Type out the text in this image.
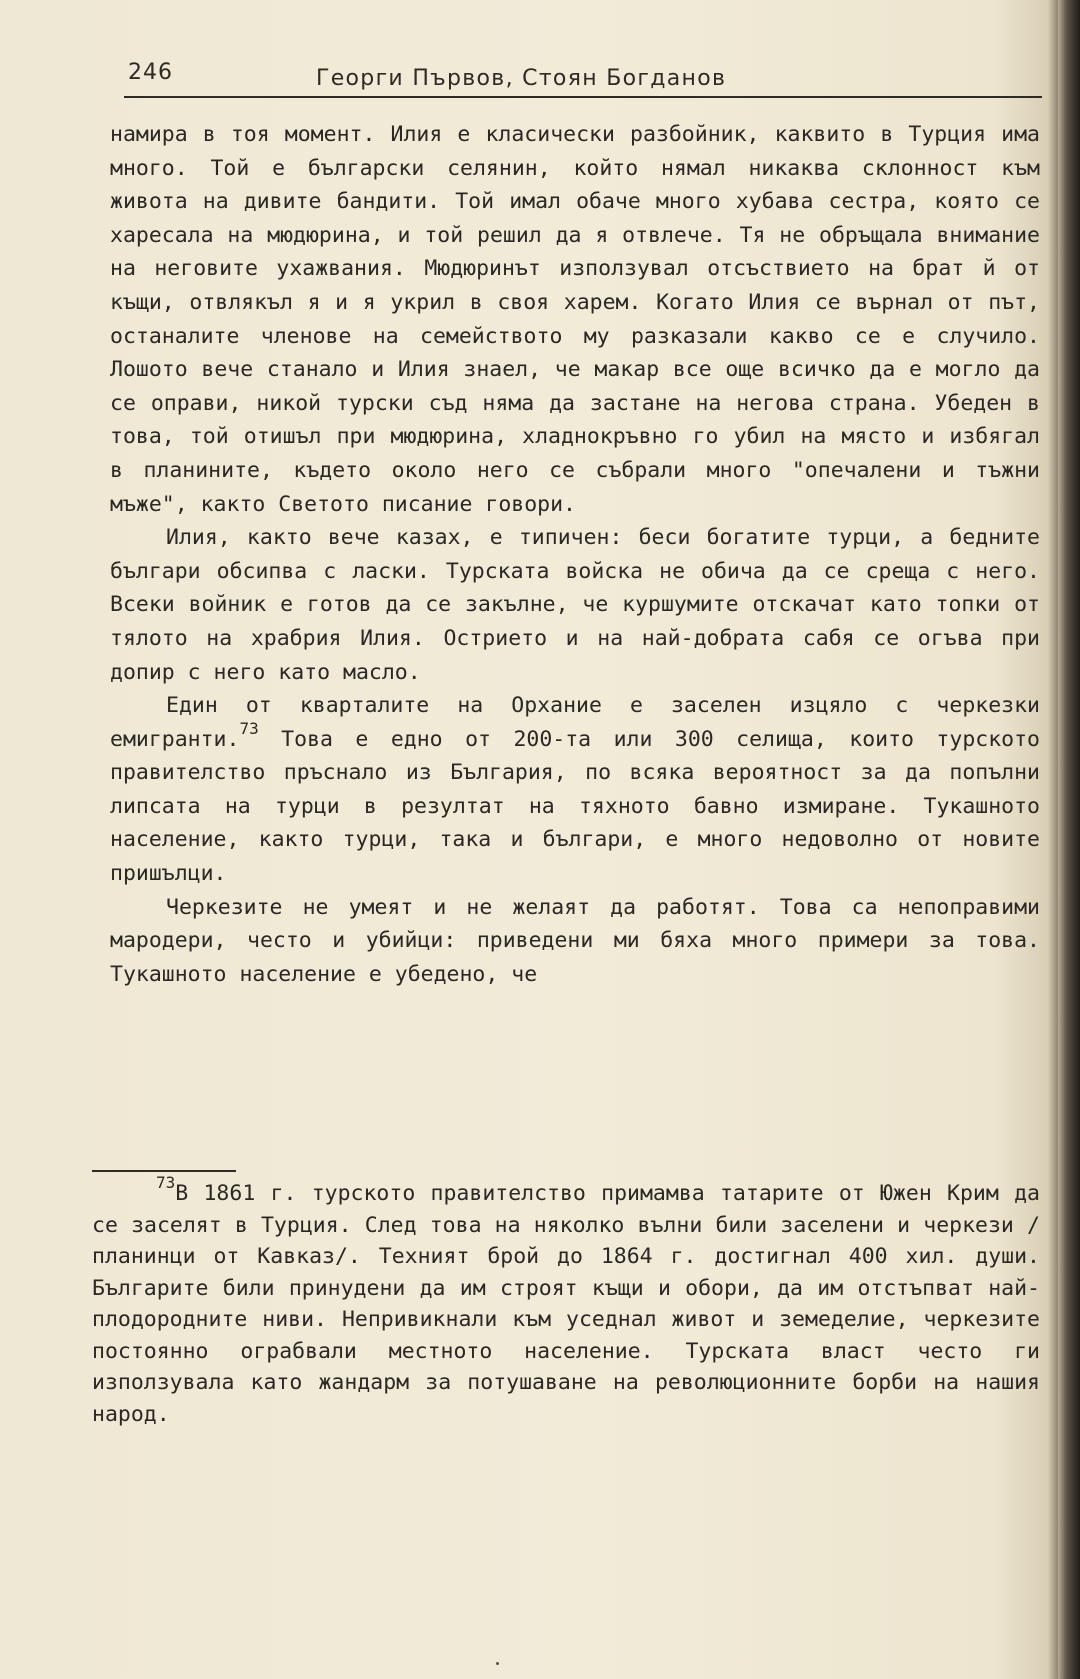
246	Георги Първов, Стоян Богданов

намира в тоя момент. Илия е класически разбойник, каквито в Турция има много. Той е български селянин, който нямал никаква склонност към живота на дивите бандити. Той имал обаче много хубава сестра, която се харесала на мюдюрина, и той решил да я отвлече. Тя не обръщала внимание на неговите ухажвания. Мюдюринът използувал отсъствието на брат й от къщи, отвлякъл я и я укрил в своя харем. Когато Илия се върнал от път, останалите членове на семейството му разказали какво се е случило. Лошото вече станало и Илия знаел, че макар все още всичко да е могло да се оправи, никой турски съд няма да застане на негова страна. Убеден в това, той отишъл при мюдюрина, хладнокръвно го убил на място и избягал в планините, където около него се събрали много "опечалени и тъжни мъже", както Светото писание говори.

Илия, както вече казах, е типичен: беси богатите турци, а бедните българи обсипва с ласки. Турската войска не обича да се среща с него. Всеки войник е готов да се закълне, че куршумите отскачат като топки от тялото на храбрия Илия. Острието и на най-добрата сабя се огъва при допир с него като масло.

Един от кварталите на Орхание е заселен изцяло с черкезки емигранти.$^{73}$ Това е едно от 200-та или 300 селища, които турското правителство пръснало из България, по всяка вероятност за да попълни липсата на турци в резултат на тяхното бавно измиране. Тукашното население, както турци, така и българи, е много недоволно от новите пришълци.

Черкезите не умеят и не желаят да работят. Това са непоправими мародери, често и убийци: приведени ми бяха много примери за това. Тукашното население е убедено, че

$^{73}$В 1861 г. турското правителство примамва татарите от Южен Крим да се заселят в Турция. След това на няколко вълни били заселени и черкези /планинци от Кавказ/. Техният брой до 1864 г. достигнал 400 хил. души. Българите били принудени да им строят къщи и обори, да им отстъпват най-плодородните ниви. Непривикнали към уседнал живот и земеделие, черкезите постоянно ограбвали местното население. Турската власт често ги използувала като жандарм за потушаване на революционните борби на нашия народ.
